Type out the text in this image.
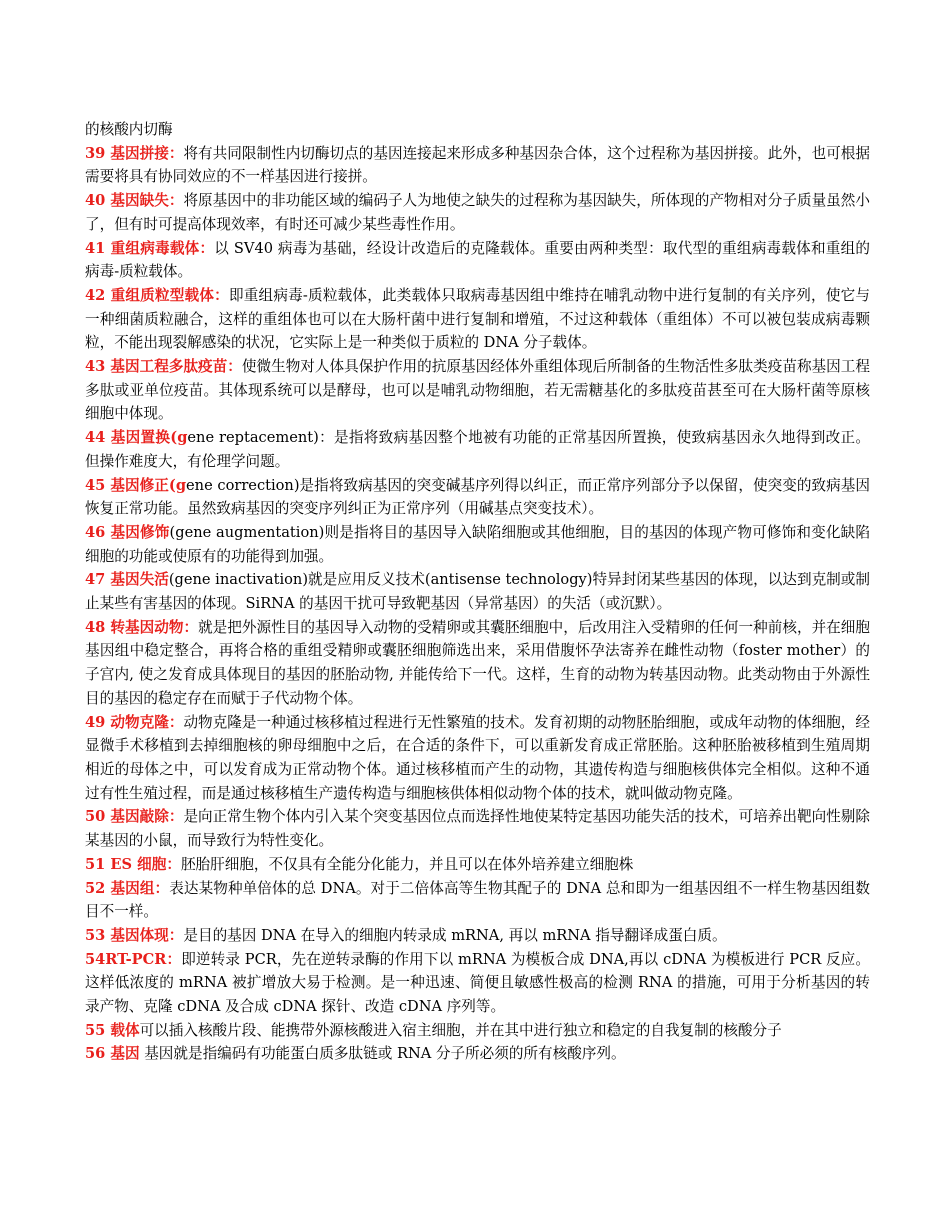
的核酸内切酶

39 基因拼接：将有共同限制性内切酶切点的基因连接起来形成多种基因杂合体，这个过程称为基因拼接。此外，也可根据需要将具有协同效应的不一样基因进行接拼。

40 基因缺失：将原基因中的非功能区域的编码子人为地使之缺失的过程称为基因缺失，所体现的产物相对分子质量虽然小了，但有时可提高体现效率，有时还可减少某些毒性作用。

41 重组病毒载体：以 SV40 病毒为基础，经设计改造后的克隆载体。重要由两种类型：取代型的重组病毒载体和重组的病毒-质粒载体。

42 重组质粒型载体：即重组病毒-质粒载体，此类载体只取病毒基因组中维持在哺乳动物中进行复制的有关序列，使它与一种细菌质粒融合，这样的重组体也可以在大肠杆菌中进行复制和增殖，不过这种载体（重组体）不可以被包装成病毒颗粒，不能出现裂解感染的状况，它实际上是一种类似于质粒的 DNA 分子载体。

43 基因工程多肽疫苗：使微生物对人体具保护作用的抗原基因经体外重组体现后所制备的生物活性多肽类疫苗称基因工程多肽或亚单位疫苗。其体现系统可以是酵母，也可以是哺乳动物细胞，若无需糖基化的多肽疫苗甚至可在大肠杆菌等原核细胞中体现。

44 基因置换(gene reptacement)：是指将致病基因整个地被有功能的正常基因所置换，使致病基因永久地得到改正。但操作难度大，有伦理学问题。

45 基因修正(gene correction)是指将致病基因的突变碱基序列得以纠正，而正常序列部分予以保留，使突变的致病基因恢复正常功能。虽然致病基因的突变序列纠正为正常序列（用碱基点突变技术）。

46 基因修饰(gene augmentation)则是指将目的基因导入缺陷细胞或其他细胞，目的基因的体现产物可修饰和变化缺陷细胞的功能或使原有的功能得到加强。

47 基因失活(gene inactivation)就是应用反义技术(antisense technology)特异封闭某些基因的体现，以达到克制或制止某些有害基因的体现。SiRNA 的基因干扰可导致靶基因（异常基因）的失活（或沉默）。

48 转基因动物：就是把外源性目的基因导入动物的受精卵或其囊胚细胞中，后改用注入受精卵的任何一种前核，并在细胞基因组中稳定整合，再将合格的重组受精卵或囊胚细胞筛选出来，采用借腹怀孕法寄养在雌性动物（foster mother）的子宫内, 使之发育成具体现目的基因的胚胎动物, 并能传给下一代。这样，生育的动物为转基因动物。此类动物由于外源性目的基因的稳定存在而赋于子代动物个体。

49 动物克隆：动物克隆是一种通过核移植过程进行无性繁殖的技术。发育初期的动物胚胎细胞，或成年动物的体细胞，经显微手术移植到去掉细胞核的卵母细胞中之后，在合适的条件下，可以重新发育成正常胚胎。这种胚胎被移植到生殖周期相近的母体之中，可以发育成为正常动物个体。通过核移植而产生的动物，其遗传构造与细胞核供体完全相似。这种不通过有性生殖过程，而是通过核移植生产遗传构造与细胞核供体相似动物个体的技术，就叫做动物克隆。

50 基因敲除：是向正常生物个体内引入某个突变基因位点而选择性地使某特定基因功能失活的技术，可培养出靶向性剔除某基因的小鼠，而导致行为特性变化。

51 ES 细胞：胚胎肝细胞，不仅具有全能分化能力，并且可以在体外培养建立细胞株

52 基因组：表达某物种单倍体的总 DNA。对于二倍体高等生物其配子的 DNA 总和即为一组基因组不一样生物基因组数目不一样。

53 基因体现：是目的基因 DNA 在导入的细胞内转录成 mRNA, 再以 mRNA 指导翻译成蛋白质。

54RT-PCR：即逆转录 PCR，先在逆转录酶的作用下以 mRNA 为模板合成 DNA,再以 cDNA 为模板进行 PCR 反应。这样低浓度的 mRNA 被扩增放大易于检测。是一种迅速、简便且敏感性极高的检测 RNA 的措施，可用于分析基因的转录产物、克隆 cDNA 及合成 cDNA 探针、改造 cDNA 序列等。

55 载体可以插入核酸片段、能携带外源核酸进入宿主细胞，并在其中进行独立和稳定的自我复制的核酸分子

56 基因 基因就是指编码有功能蛋白质多肽链或 RNA 分子所必须的所有核酸序列。
